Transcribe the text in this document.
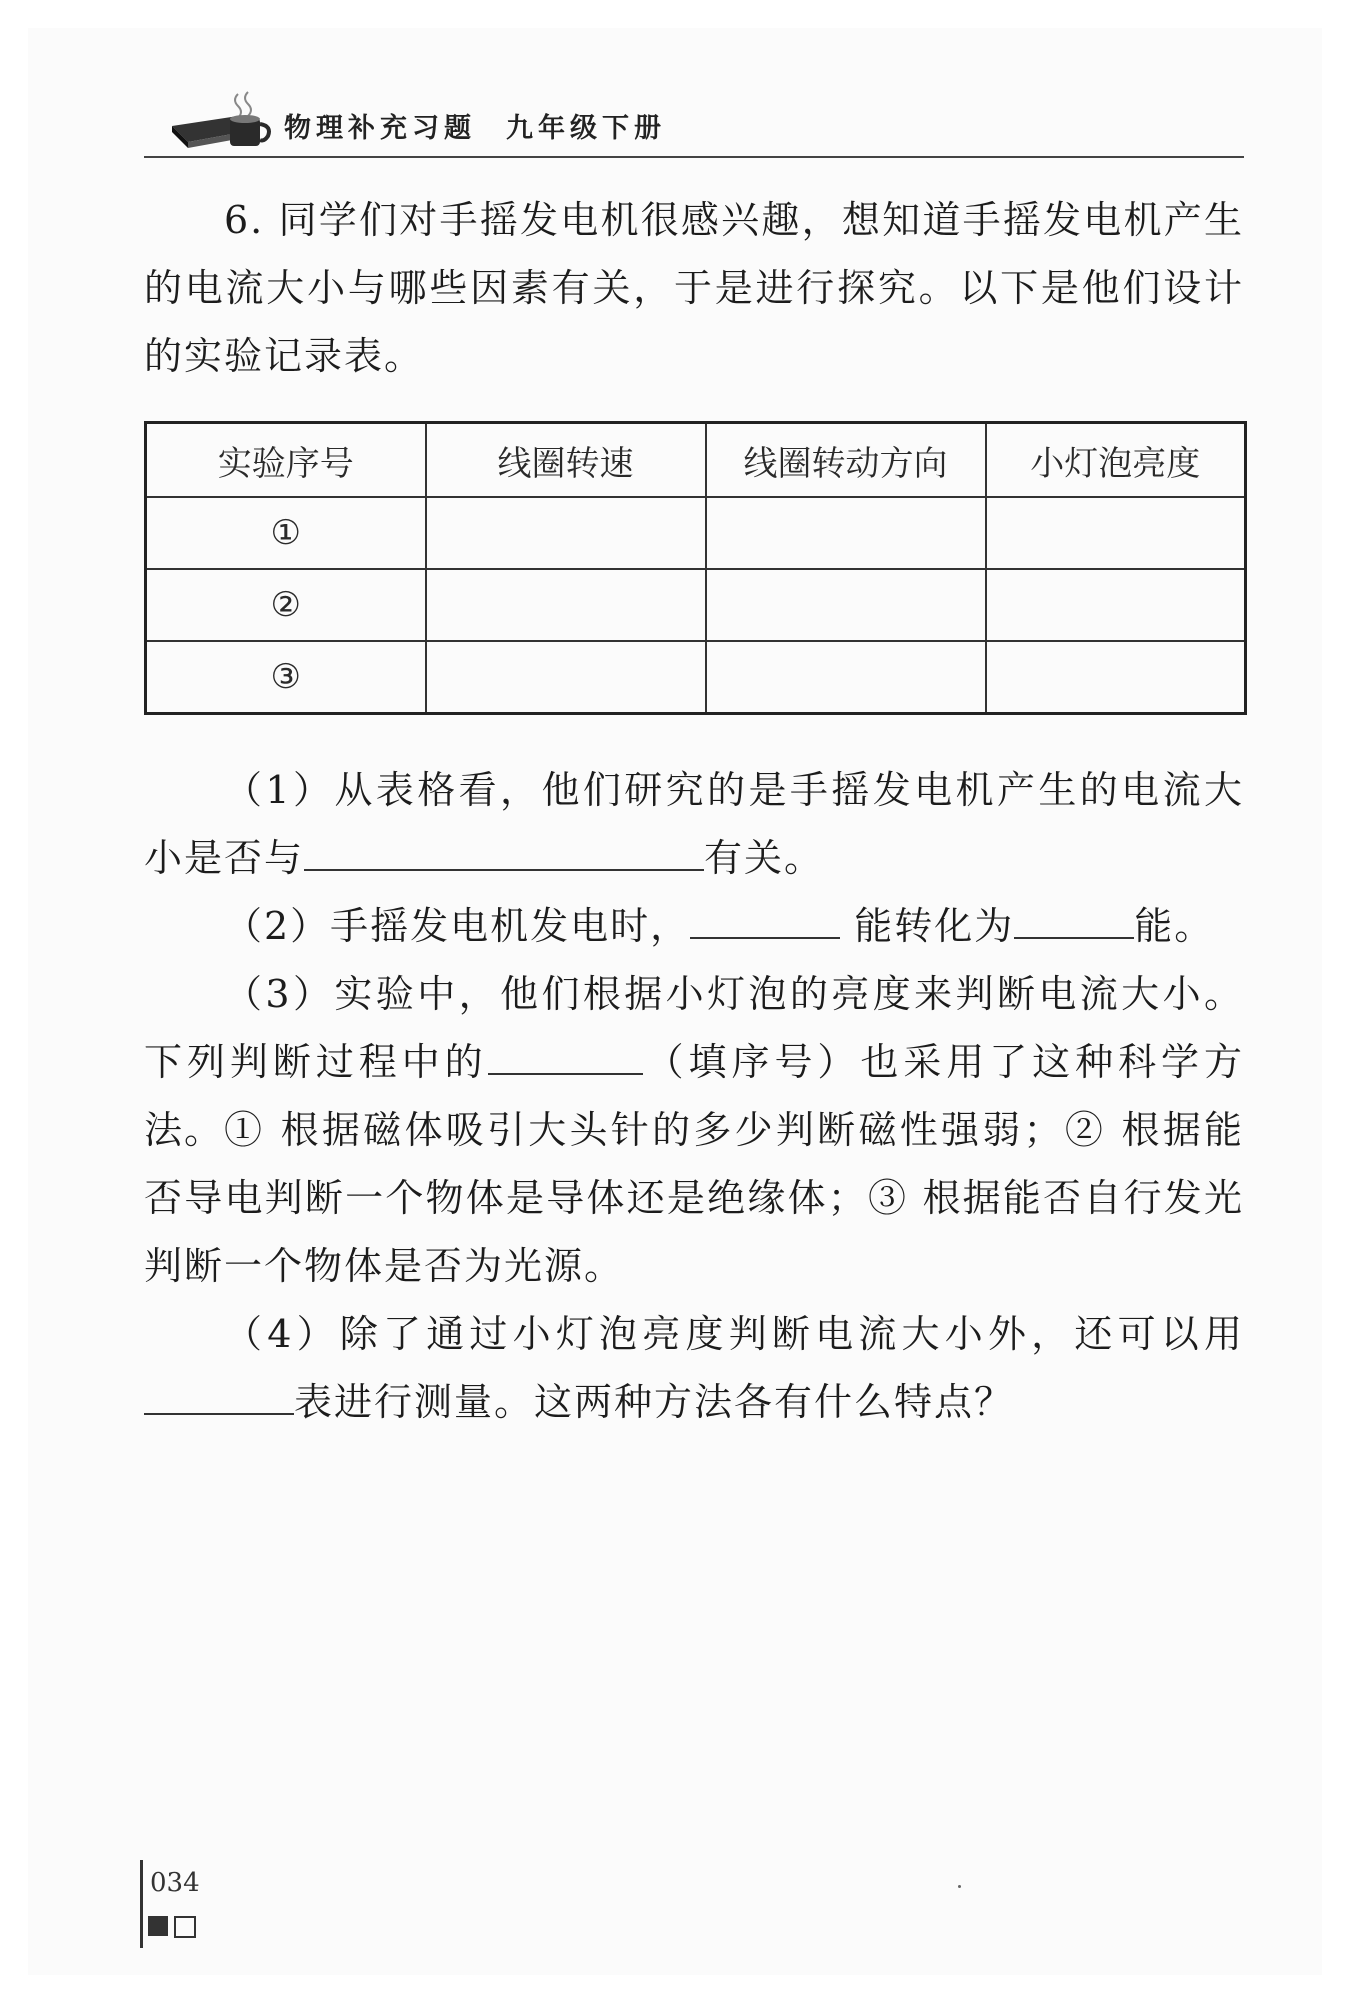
物理补充习题 九年级下册
6. 同学们对手摇发电机很感兴趣，想知道手摇发电机产生的电流大小与哪些因素有关，于是进行探究。以下是他们设计的实验记录表。
实验序号	线圈转速	线圈转动方向	小灯泡亮度
①			
②			
③			
（1）从表格看，他们研究的是手摇发电机产生的电流大小是否与	有关。
（2）手摇发电机发电时，	能转化为	能。
（3）实验中，他们根据小灯泡的亮度来判断电流大小。下列判断过程中的	（填序号）也采用了这种科学方法。 ① 根据磁体吸引大头针的多少判断磁性强弱；② 根据能否导电判断一个物体是导体还是绝缘体；③ 根据能否自行发光判断一个物体是否为光源。
（4）除了通过小灯泡亮度判断电流大小外，还可以用表进行测量。这两种方法各有什么特点？
034
